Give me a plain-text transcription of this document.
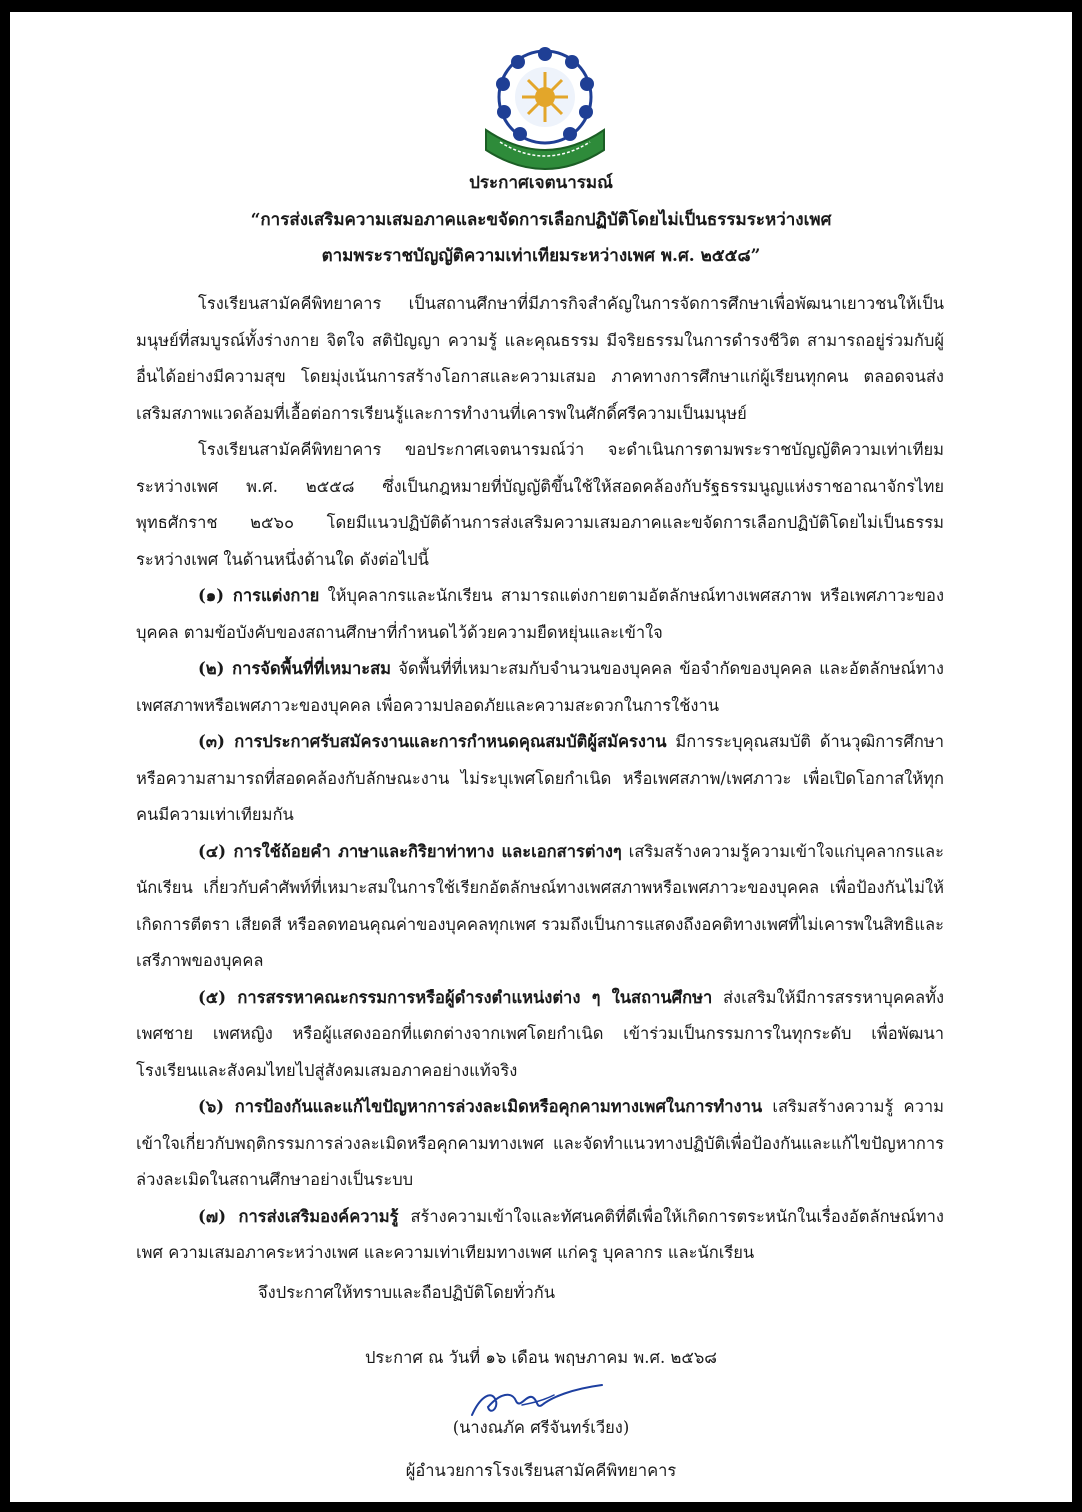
ประกาศเจตนารมณ์

“การส่งเสริมความเสมอภาคและขจัดการเลือกปฏิบัติโดยไม่เป็นธรรมระหว่างเพศ

ตามพระราชบัญญัติความเท่าเทียมระหว่างเพศ พ.ศ. ๒๕๕๘”

โรงเรียนสามัคคีพิทยาคาร เป็นสถานศึกษาที่มีภารกิจสำคัญในการจัดการศึกษาเพื่อพัฒนาเยาวชนให้เป็นมนุษย์ที่สมบูรณ์ทั้งร่างกาย จิตใจ สติปัญญา ความรู้ และคุณธรรม มีจริยธรรมในการดำรงชีวิต สามารถอยู่ร่วมกับผู้อื่นได้อย่างมีความสุข โดยมุ่งเน้นการสร้างโอกาสและความเสมอ ภาคทางการศึกษาแก่ผู้เรียนทุกคน ตลอดจนส่งเสริมสภาพแวดล้อมที่เอื้อต่อการเรียนรู้และการทำงานที่เคารพในศักดิ์ศรีความเป็นมนุษย์

โรงเรียนสามัคคีพิทยาคาร ขอประกาศเจตนารมณ์ว่า จะดำเนินการตามพระราชบัญญัติความเท่าเทียมระหว่างเพศ พ.ศ. ๒๕๕๘ ซึ่งเป็นกฎหมายที่บัญญัติขึ้นใช้ให้สอดคล้องกับรัฐธรรมนูญแห่งราชอาณาจักรไทย พุทธศักราช ๒๕๖๐ โดยมีแนวปฏิบัติด้านการส่งเสริมความเสมอภาคและขจัดการเลือกปฏิบัติโดยไม่เป็นธรรมระหว่างเพศ ในด้านหนึ่งด้านใด ดังต่อไปนี้

(๑) การแต่งกาย ให้บุคลากรและนักเรียน สามารถแต่งกายตามอัตลักษณ์ทางเพศสภาพ หรือเพศภาวะของบุคคล ตามข้อบังคับของสถานศึกษาที่กำหนดไว้ด้วยความยืดหยุ่นและเข้าใจ

(๒) การจัดพื้นที่ที่เหมาะสม จัดพื้นที่ที่เหมาะสมกับจำนวนของบุคคล ข้อจำกัดของบุคคล และอัตลักษณ์ทางเพศสภาพหรือเพศภาวะของบุคคล เพื่อความปลอดภัยและความสะดวกในการใช้งาน

(๓) การประกาศรับสมัครงานและการกำหนดคุณสมบัติผู้สมัครงาน มีการระบุคุณสมบัติ ด้านวุฒิการศึกษา หรือความสามารถที่สอดคล้องกับลักษณะงาน ไม่ระบุเพศโดยกำเนิด หรือเพศสภาพ/เพศภาวะ เพื่อเปิดโอกาสให้ทุกคนมีความเท่าเทียมกัน

(๔) การใช้ถ้อยคำ ภาษาและกิริยาท่าทาง และเอกสารต่างๆ เสริมสร้างความรู้ความเข้าใจแก่บุคลากรและนักเรียน เกี่ยวกับคำศัพท์ที่เหมาะสมในการใช้เรียกอัตลักษณ์ทางเพศสภาพหรือเพศภาวะของบุคคล เพื่อป้องกันไม่ให้เกิดการตีตรา เสียดสี หรือลดทอนคุณค่าของบุคคลทุกเพศ รวมถึงเป็นการแสดงถึงอคติทางเพศที่ไม่เคารพในสิทธิและเสรีภาพของบุคคล

(๕) การสรรหาคณะกรรมการหรือผู้ดำรงตำแหน่งต่าง ๆ ในสถานศึกษา ส่งเสริมให้มีการสรรหาบุคคลทั้งเพศชาย เพศหญิง หรือผู้แสดงออกที่แตกต่างจากเพศโดยกำเนิด เข้าร่วมเป็นกรรมการในทุกระดับ เพื่อพัฒนาโรงเรียนและสังคมไทยไปสู่สังคมเสมอภาคอย่างแท้จริง

(๖) การป้องกันและแก้ไขปัญหาการล่วงละเมิดหรือคุกคามทางเพศในการทำงาน เสริมสร้างความรู้ ความเข้าใจเกี่ยวกับพฤติกรรมการล่วงละเมิดหรือคุกคามทางเพศ และจัดทำแนวทางปฏิบัติเพื่อป้องกันและแก้ไขปัญหาการล่วงละเมิดในสถานศึกษาอย่างเป็นระบบ

(๗) การส่งเสริมองค์ความรู้ สร้างความเข้าใจและทัศนคติที่ดีเพื่อให้เกิดการตระหนักในเรื่องอัตลักษณ์ทางเพศ ความเสมอภาคระหว่างเพศ และความเท่าเทียมทางเพศ แก่ครู บุคลากร และนักเรียน

จึงประกาศให้ทราบและถือปฏิบัติโดยทั่วกัน
ประกาศ ณ วันที่ ๑๖ เดือน พฤษภาคม พ.ศ. ๒๕๖๘
(นางณภัค ศรีจันทร์เวียง)
ผู้อำนวยการโรงเรียนสามัคคีพิทยาคาร
